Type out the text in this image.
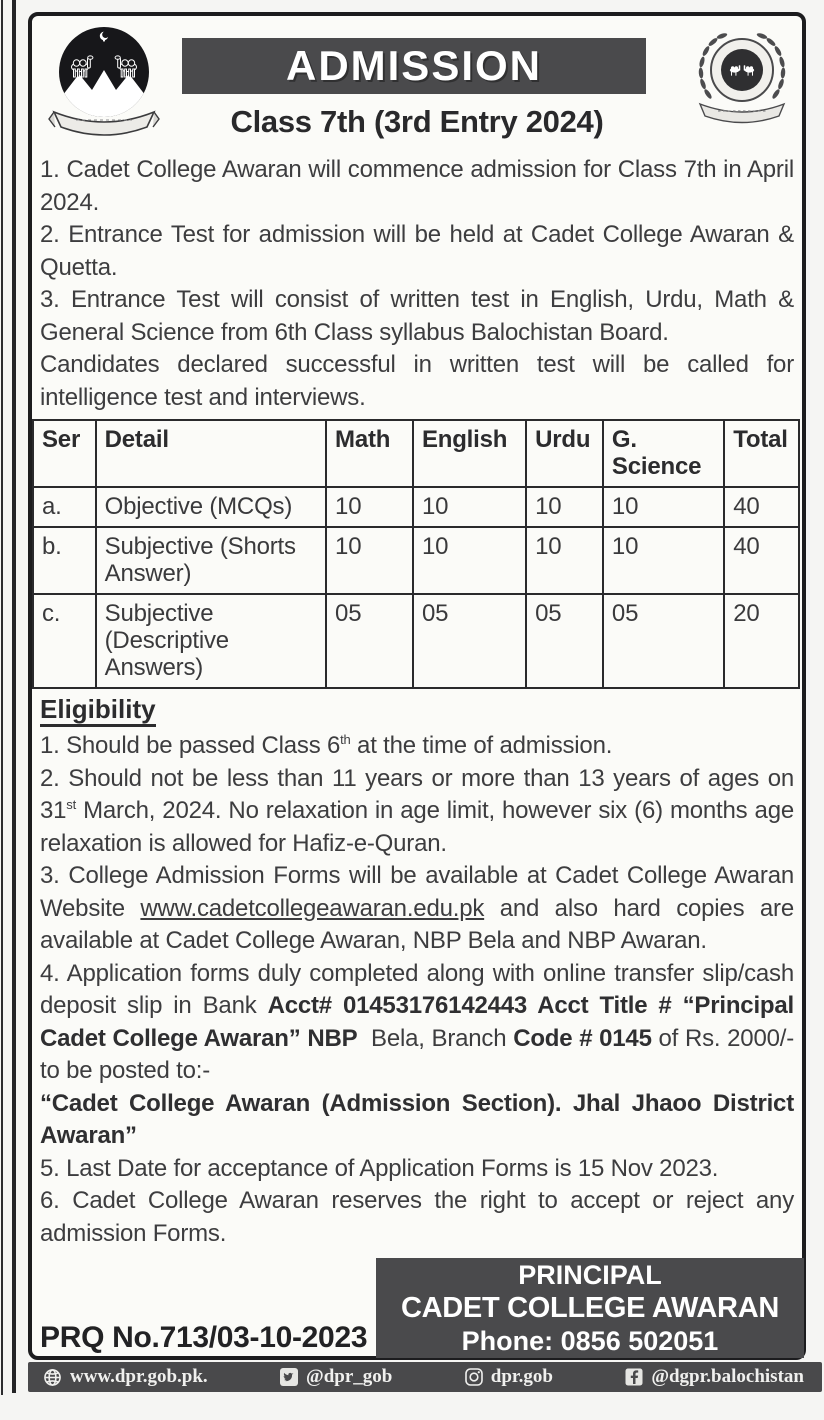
ADMISSION
Class 7th (3rd Entry 2024)

1. Cadet College Awaran will commence admission for Class 7th in April 2024.

2. Entrance Test for admission will be held at Cadet College Awaran & Quetta.

3. Entrance Test will consist of written test in English, Urdu, Math & General Science from 6th Class syllabus Balochistan Board.

Candidates declared successful in written test will be called for intelligence test and interviews.

Ser	Detail	Math	English	Urdu	G. Science	Total
a.	Objective (MCQs)	10	10	10	10	40
b.	Subjective (Shorts Answer)	10	10	10	10	40
c.	Subjective (Descriptive Answers)	05	05	05	05	20
Eligibility

1. Should be passed Class 6th at the time of admission.

2. Should not be less than 11 years or more than 13 years of ages on 31st March, 2024. No relaxation in age limit, however six (6) months age relaxation is allowed for Hafiz-e-Quran.

3. College Admission Forms will be available at Cadet College Awaran Website www.cadetcollegeawaran.edu.pk and also hard copies are available at Cadet College Awaran, NBP Bela and NBP Awaran.

4. Application forms duly completed along with online transfer slip/cash deposit slip in Bank Acct# 01453176142443 Acct Title # “Principal Cadet College Awaran” NBP  Bela, Branch Code # 0145 of Rs. 2000/- to be posted to:-

“Cadet College Awaran (Admission Section). Jhal Jhaoo District Awaran”

5. Last Date for acceptance of Application Forms is 15 Nov 2023.

6. Cadet College Awaran reserves the right to accept or reject any admission Forms.

PRQ No.713/03-10-2023
PRINCIPAL
CADET COLLEGE AWARAN
Phone: 0856 502051
www.dpr.gob.pk.	@dpr_gob	dpr.gob	@dgpr.balochistan
